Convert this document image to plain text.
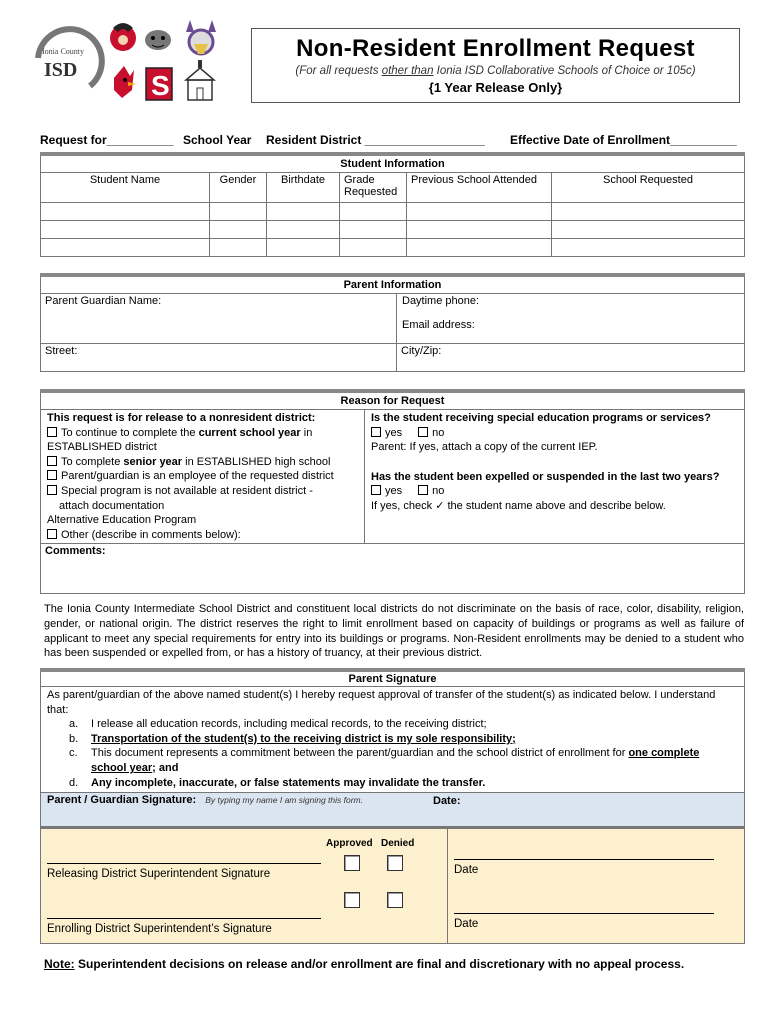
Ionia County
ISD	S
Non-Resident Enrollment Request
(For all requests other than Ionia ISD Collaborative Schools of Choice or 105c)
{1 Year Release Only}
Request for__________ School Year Resident District __________________ Effective Date of Enrollment__________
Student Information					
Student Name	Gender	Birthdate	Grade Requested	Previous School Attended	School Requested

Parent Information	
Parent Guardian Name:	Daytime phone:
Email address:

Street:	City/Zip:
Reason for Request

This request is for release to a nonresident district:
To continue to complete the current school year in
ESTABLISHED district
To complete senior year in ESTABLISHED high school
Parent/guardian is an employee of the requested district
Special program is not available at resident district -
attach documentation
Alternative Education Program
Other (describe in comments below):

Is the student receiving special education programs or services?
yes	no
Parent: If yes, attach a copy of the current IEP.
Has the student been expelled or suspended in the last two years?
yes	no
If yes, check ✓ the student name above and describe below.

Comments:
The Ionia County Intermediate School District and constituent local districts do not discriminate on the basis of race, color, disability, religion, gender, or national origin. The district reserves the right to limit enrollment based on capacity of buildings or programs as well as failure of applicant to meet any special requirements for entry into its buildings or programs. Non-Resident enrollments may be denied to a student who has been suspended or expelled from, or has a history of truancy, at their previous district.
Parent Signature

As parent/guardian of the above named student(s) I hereby request approval of transfer of the student(s) as indicated below. I understand that:
a.	I release all education records, including medical records, to the receiving district;
b.	Transportation of the student(s) to the receiving district is my sole responsibility;
c.	This document represents a commitment between the parent/guardian and the school district of enrollment for one complete
school year; and
d.	Any incomplete, inaccurate, or false statements may invalidate the transfer.

Parent / Guardian Signature: By typing my name I am signing this form.	Date:
Approved Denied
Releasing District Superintendent Signature
Enrolling District Superintendent’s Signature
Date
Date
Note: Superintendent decisions on release and/or enrollment are final and discretionary with no appeal process.
